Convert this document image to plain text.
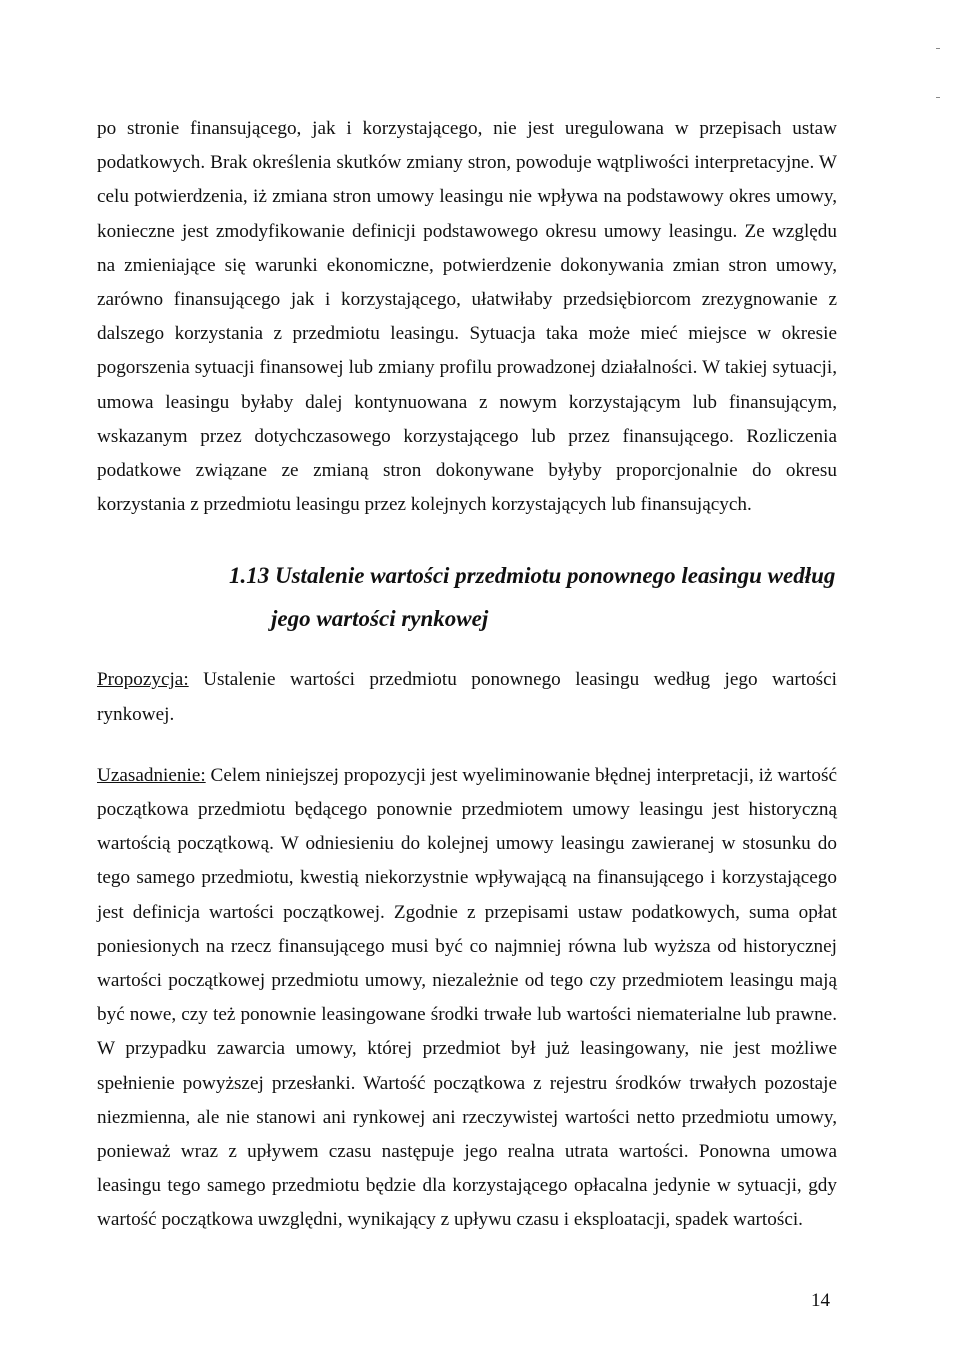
po stronie finansującego, jak i korzystającego, nie jest uregulowana w przepisach ustaw podatkowych. Brak określenia skutków zmiany stron, powoduje wątpliwości interpretacyjne. W celu potwierdzenia, iż zmiana stron umowy leasingu nie wpływa na podstawowy okres umowy, konieczne jest zmodyfikowanie definicji podstawowego okresu umowy leasingu. Ze względu na zmieniające się warunki ekonomiczne, potwierdzenie dokonywania zmian stron umowy, zarówno finansującego jak i korzystającego, ułatwiłaby przedsiębiorcom zrezygnowanie z dalszego korzystania z przedmiotu leasingu. Sytuacja taka może mieć miejsce w okresie pogorszenia sytuacji finansowej lub zmiany profilu prowadzonej działalności. W takiej sytuacji, umowa leasingu byłaby dalej kontynuowana z nowym korzystającym lub finansującym, wskazanym przez dotychczasowego korzystającego lub przez finansującego. Rozliczenia podatkowe związane ze zmianą stron dokonywane byłyby proporcjonalnie do okresu korzystania z przedmiotu leasingu przez kolejnych korzystających lub finansujących.

1.13 Ustalenie wartości przedmiotu ponownego leasingu według
jego wartości rynkowej

Propozycja: Ustalenie wartości przedmiotu ponownego leasingu według jego wartości rynkowej.

Uzasadnienie: Celem niniejszej propozycji jest wyeliminowanie błędnej interpretacji, iż wartość początkowa przedmiotu będącego ponownie przedmiotem umowy leasingu jest historyczną wartością początkową. W odniesieniu do kolejnej umowy leasingu zawieranej w stosunku do tego samego przedmiotu, kwestią niekorzystnie wpływającą na finansującego i korzystającego jest definicja wartości początkowej. Zgodnie z przepisami ustaw podatkowych, suma opłat poniesionych na rzecz finansującego musi być co najmniej równa lub wyższa od historycznej wartości początkowej przedmiotu umowy, niezależnie od tego czy przedmiotem leasingu mają być nowe, czy też ponownie leasingowane środki trwałe lub wartości niematerialne lub prawne. W przypadku zawarcia umowy, której przedmiot był już leasingowany, nie jest możliwe spełnienie powyższej przesłanki. Wartość początkowa z rejestru środków trwałych pozostaje niezmienna, ale nie stanowi ani rynkowej ani rzeczywistej wartości netto przedmiotu umowy, ponieważ wraz z upływem czasu następuje jego realna utrata wartości. Ponowna umowa leasingu tego samego przedmiotu będzie dla korzystającego opłacalna jedynie w sytuacji, gdy wartość początkowa uwzględni, wynikający z upływu czasu i eksploatacji, spadek wartości.

14
